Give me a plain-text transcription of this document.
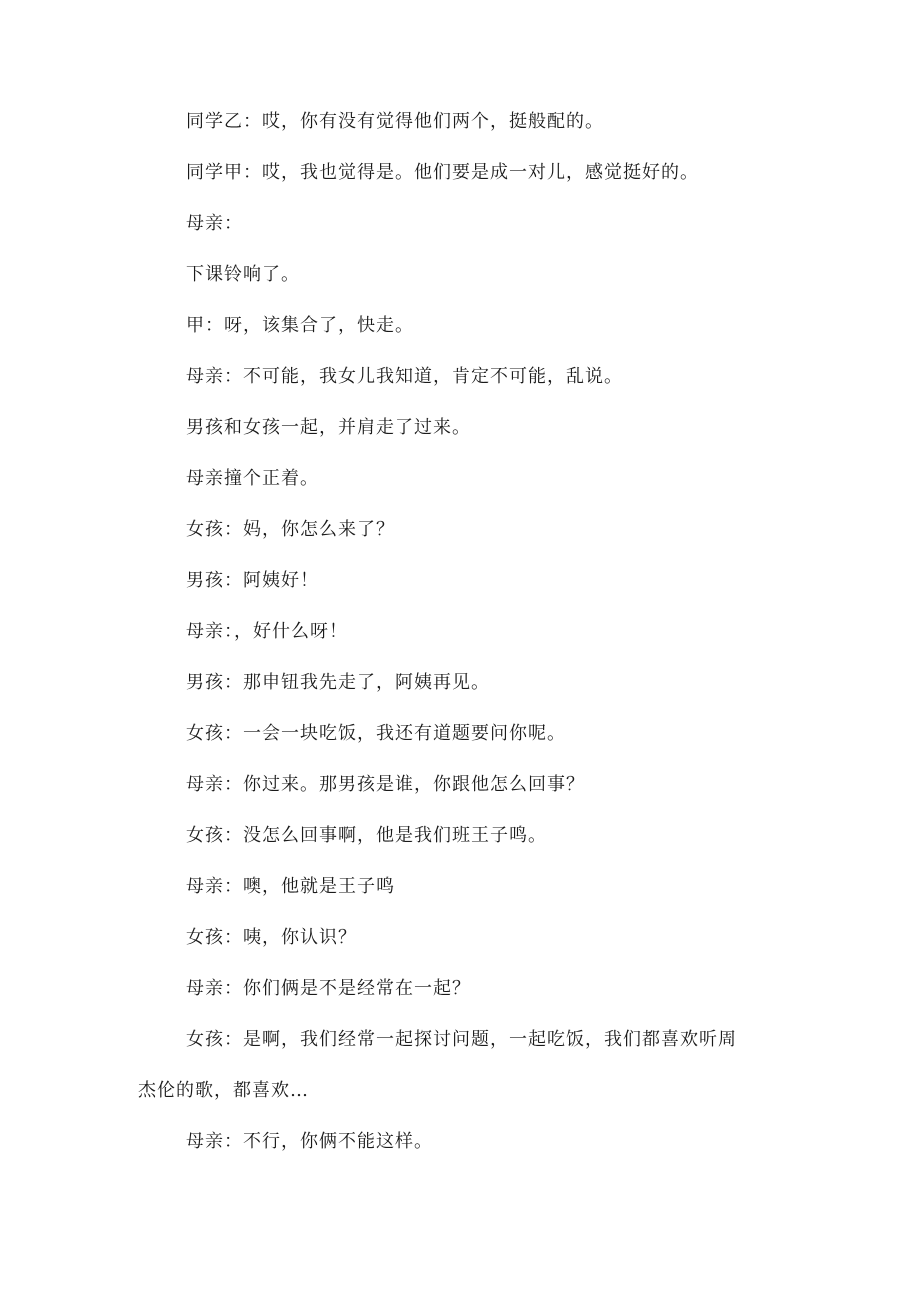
同学乙：哎，你有没有觉得他们两个，挺般配的。

同学甲：哎，我也觉得是。他们要是成一对儿，感觉挺好的。

母亲：

下课铃响了。

甲：呀，该集合了，快走。

母亲：不可能，我女儿我知道，肯定不可能，乱说。

男孩和女孩一起，并肩走了过来。

母亲撞个正着。

女孩：妈，你怎么来了？

男孩：阿姨好！

母亲：，好什么呀！

男孩：那申钮我先走了，阿姨再见。

女孩：一会一块吃饭，我还有道题要问你呢。

母亲：你过来。那男孩是谁，你跟他怎么回事？

女孩：没怎么回事啊，他是我们班王子鸣。

母亲：噢，他就是王子鸣

女孩：咦，你认识？

母亲：你们俩是不是经常在一起？

女孩：是啊，我们经常一起探讨问题，一起吃饭，我们都喜欢听周杰伦的歌，都喜欢…

母亲：不行，你俩不能这样。
